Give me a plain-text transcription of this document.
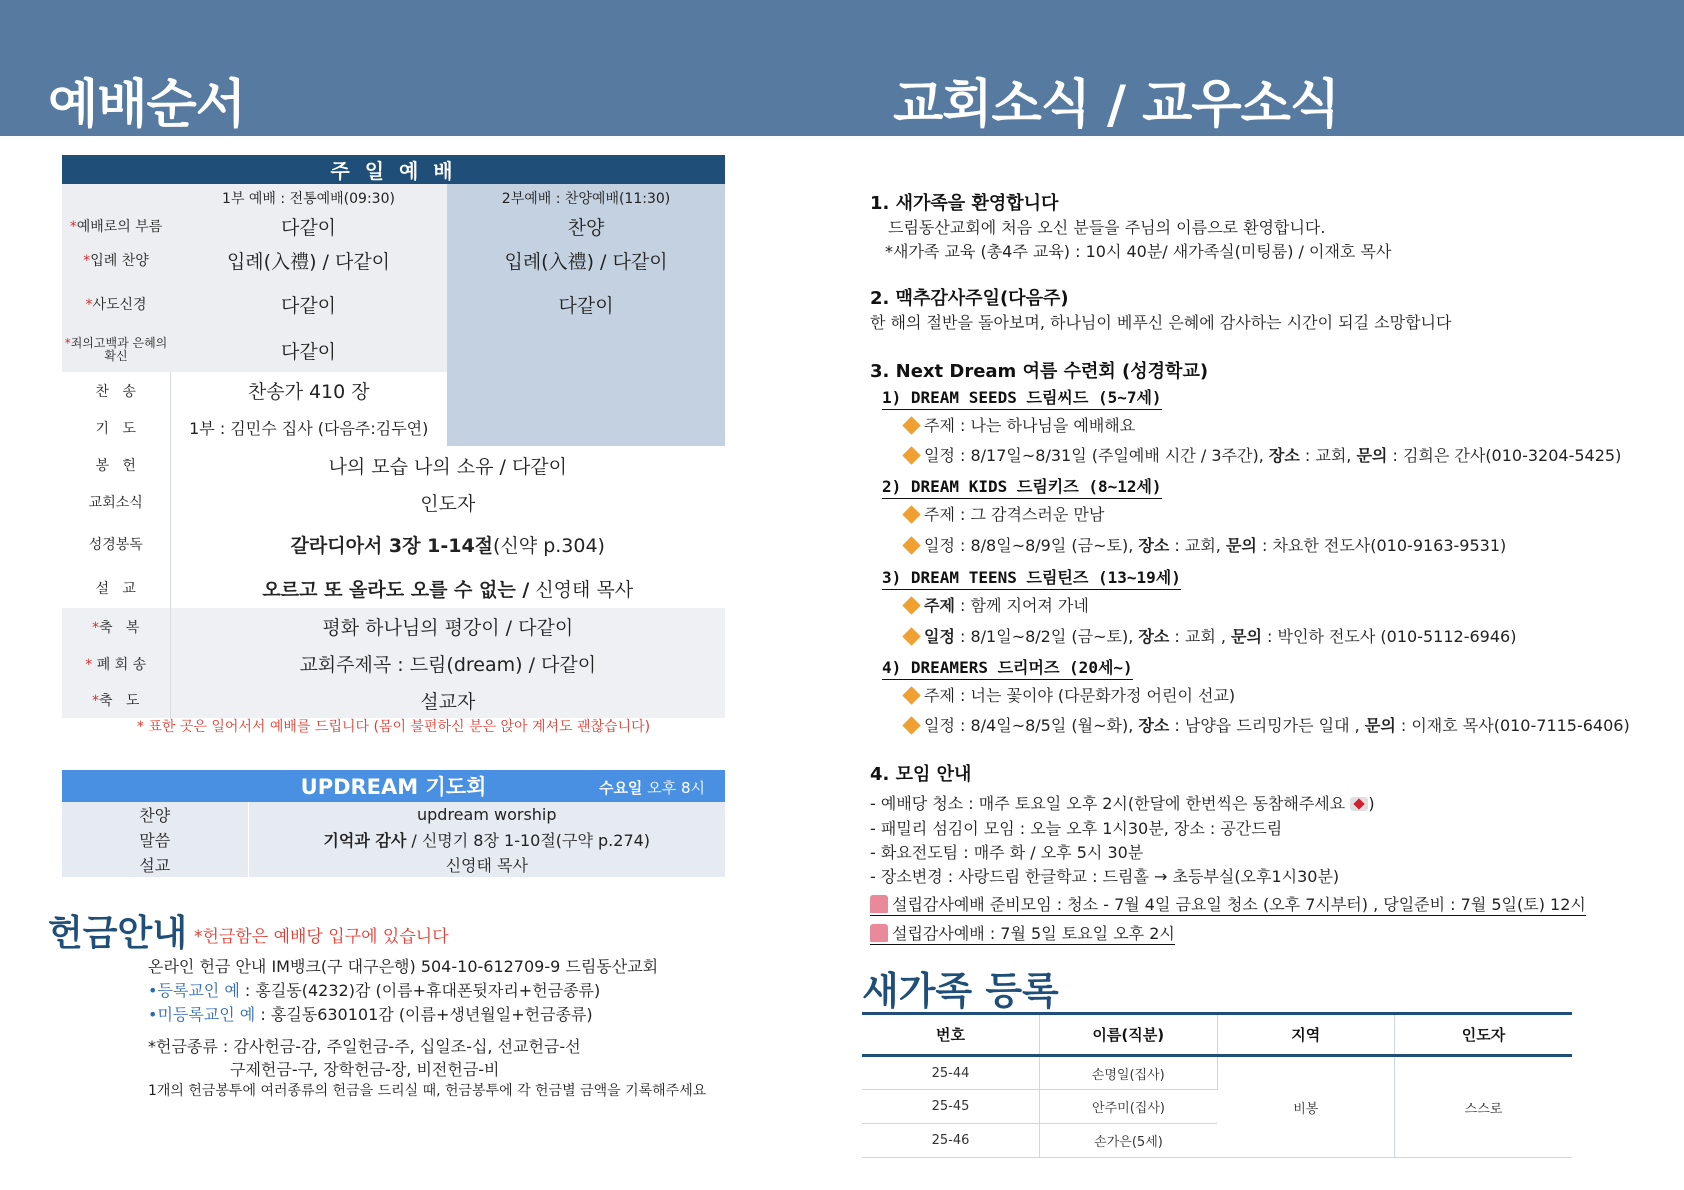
예배순서	교회소식 / 교우소식
주 일 예 배		
	1부 예배 : 전통예배(09:30)	2부예배 : 찬양예배(11:30)
*예배로의 부름	다같이	찬양
*입례 찬양	입례(入禮) / 다같이	입례(入禮) / 다같이
*사도신경	다같이	다같이
*죄의고백과 은혜의확신	다같이	
찬   송	찬송가 410 장	
기   도	1부 : 김민수 집사 (다음주:김두연)	
봉   헌	나의 모습 나의 소유 / 다같이	
교회소식	인도자	
성경봉독	갈라디아서 3장 1-14절(신약 p.304)	
설   교	오르고 또 올라도 오를 수 없는 / 신영태 목사	
*축   복	평화 하나님의 평강이 / 다같이	
* 폐 회 송	교회주제곡 : 드림(dream) / 다같이	
*축   도	설교자	
* 표한 곳은 일어서서 예배를 드립니다 (몸이 불편하신 분은 앉아 계셔도 괜찮습니다)
UPDREAM 기도회 수요일 오후 8시	

찬양	updream worship
말씀	기억과 감사 / 신명기 8장 1-10절(구약 p.274)
설교	신영태 목사
헌금안내 *헌금함은 예배당 입구에 있습니다
온라인 헌금 안내 IM뱅크(구 대구은행) 504-10-612709-9 드림동산교회
•등록교인 예 : 홍길동(4232)감 (이름+휴대폰뒷자리+헌금종류)
•미등록교인 예 : 홍길동630101감 (이름+생년월일+헌금종류)
*헌금종류 : 감사헌금-감, 주일헌금-주, 십일조-십, 선교헌금-선
구제헌금-구, 장학헌금-장, 비전헌금-비
1개의 헌금봉투에 여러종류의 헌금을 드리실 때, 헌금봉투에 각 헌금별 금액을 기록해주세요
1. 새가족을 환영합니다
드림동산교회에 처음 오신 분들을 주님의 이름으로 환영합니다.
*새가족 교육 (총4주 교육) : 10시 40분/ 새가족실(미팅룸) / 이재호 목사
2. 맥추감사주일(다음주)
한 해의 절반을 돌아보며, 하나님이 베푸신 은혜에 감사하는 시간이 되길 소망합니다
3. Next Dream 여름 수련회 (성경학교)
1) DREAM SEEDS 드림씨드 (5~7세)
주제 : 나는 하나님을 예배해요
일정 : 8/17일~8/31일 (주일예배 시간 / 3주간), 장소 : 교회, 문의 : 김희은 간사(010-3204-5425)
2) DREAM KIDS 드림키즈 (8~12세)
주제 : 그 감격스러운 만남
일정 : 8/8일~8/9일 (금~토), 장소 : 교회, 문의 : 차요한 전도사(010-9163-9531)
3) DREAM TEENS 드림틴즈 (13~19세)
주제 : 함께 지어져 가네
일정 : 8/1일~8/2일 (금~토), 장소 : 교회 , 문의 : 박인하 전도사 (010-5112-6946)
4) DREAMERS 드리머즈 (20세~)
주제 : 너는 꽃이야 (다문화가정 어린이 선교)
일정 : 8/4일~8/5일 (월~화), 장소 : 남양읍 드리밍가든 일대 , 문의 : 이재호 목사(010-7115-6406)
4. 모임 안내
- 예배당 청소 : 매주 토요일 오후 2시(한달에 한번씩은 동참해주세요 )
- 패밀리 섬김이 모임 : 오늘 오후 1시30분, 장소 : 공간드림
- 화요전도팀 : 매주 화 / 오후 5시 30분
- 장소변경 : 사랑드림 한글학교 : 드림홀 → 초등부실(오후1시30분)
설립감사예배 준비모임 : 청소 - 7월 4일 금요일 청소 (오후 7시부터) , 당일준비 : 7월 5일(토) 12시
설립감사예배 : 7월 5일 토요일 오후 2시
새가족 등록
번호	이름(직분)	지역	인도자
25-44	손명일(집사)	비봉	스스로
25-45	안주미(집사)		
25-46	손가은(5세)		
